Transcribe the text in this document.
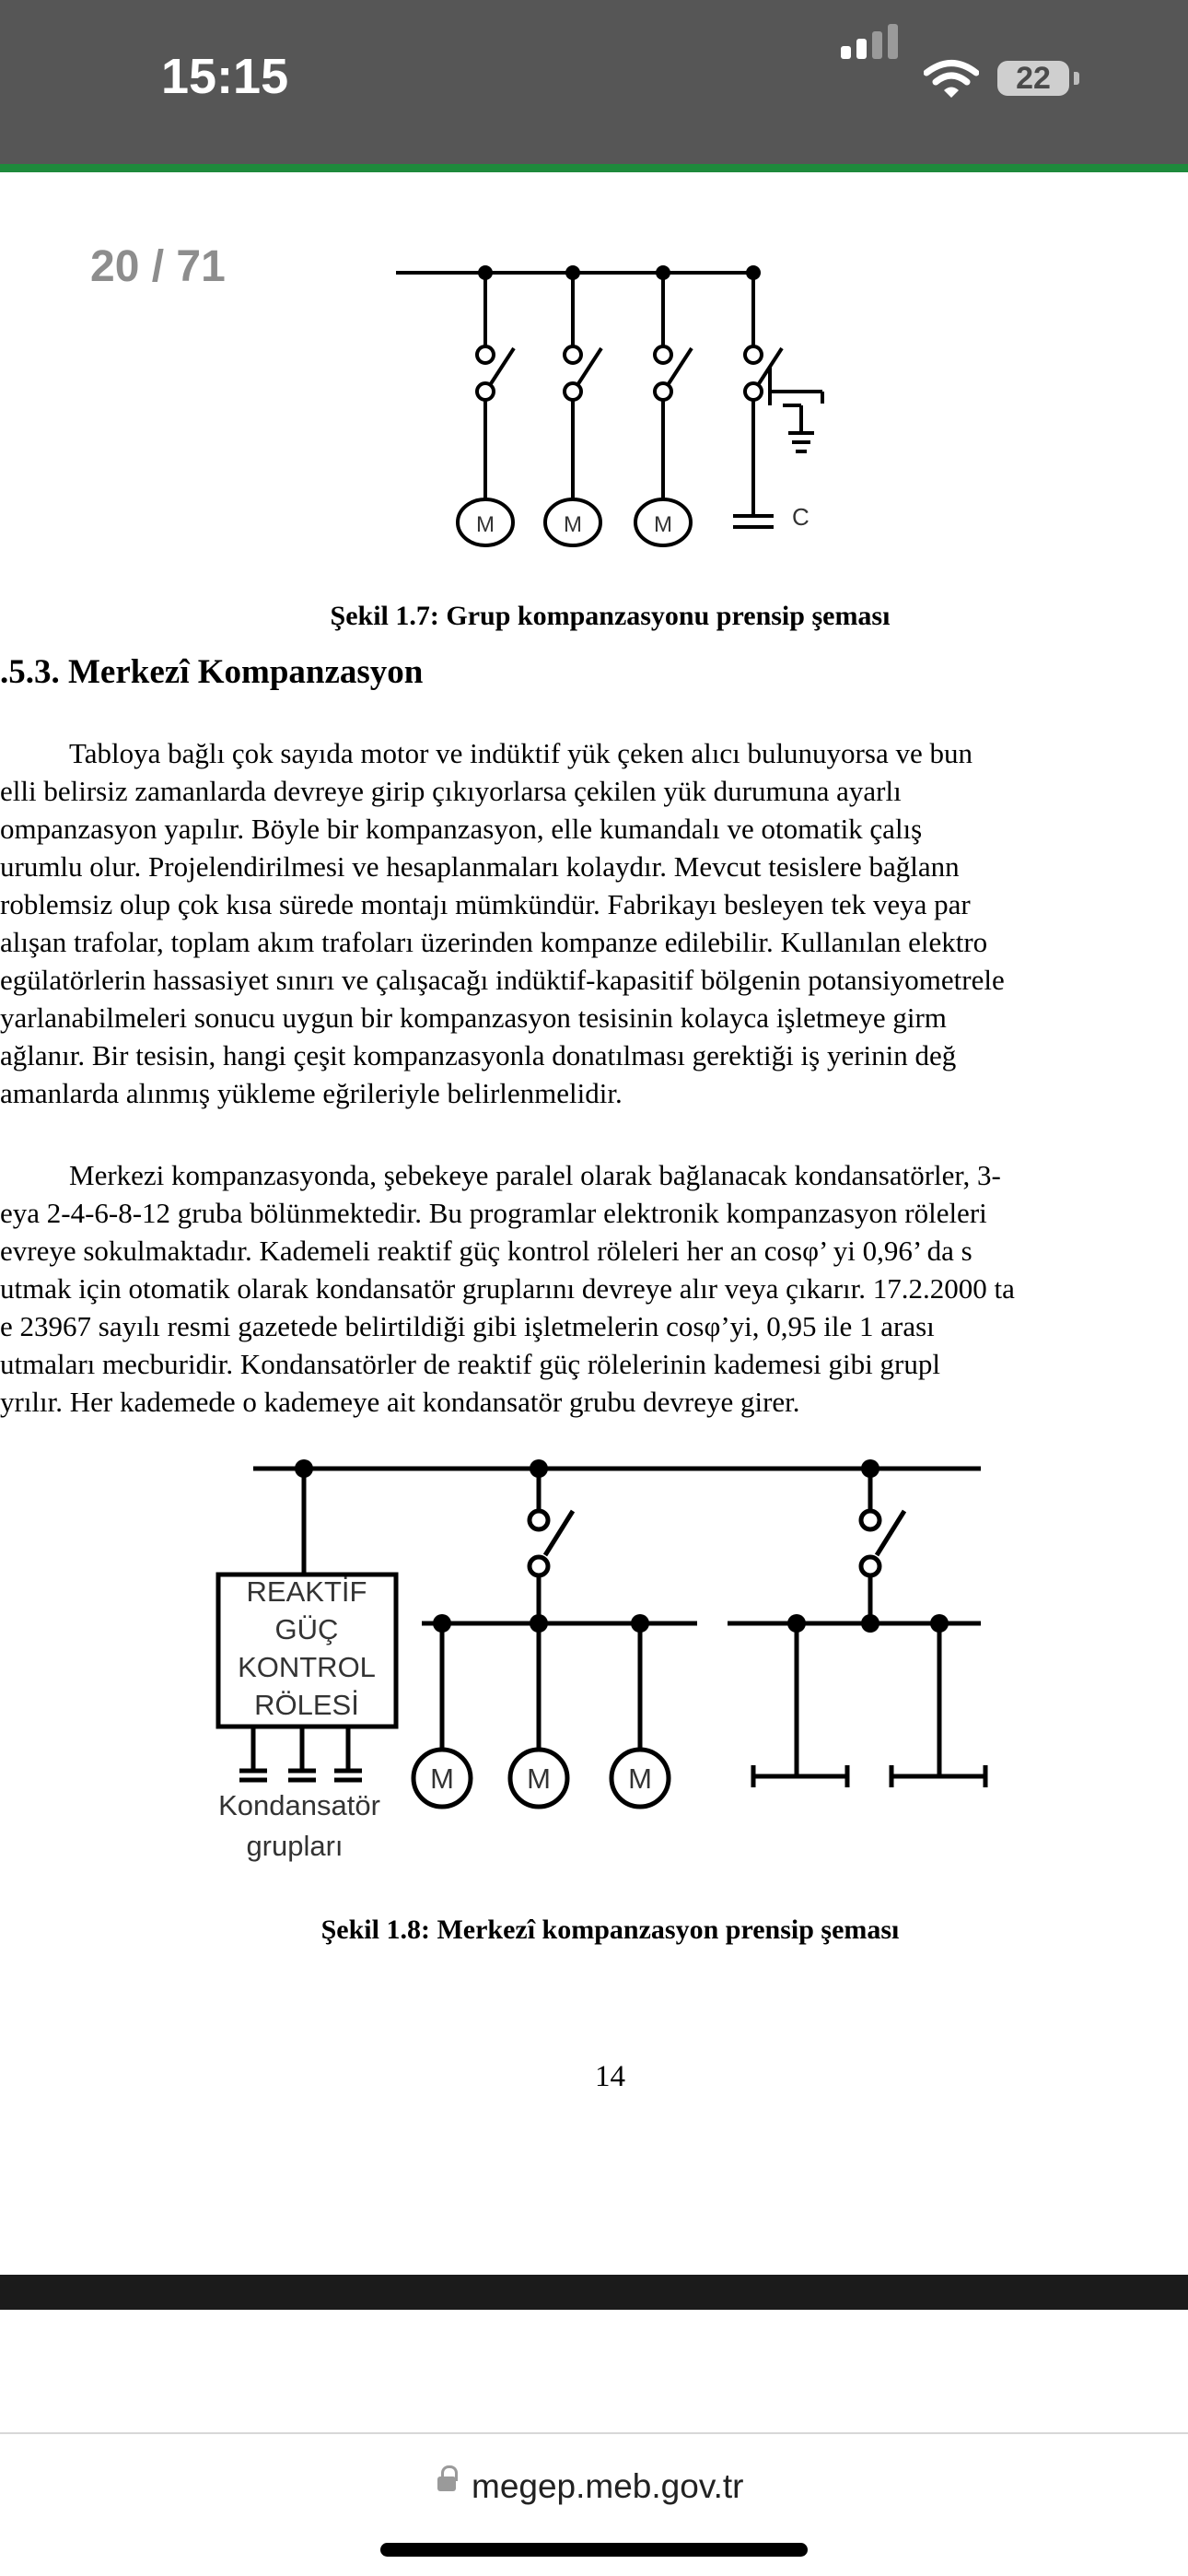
15:15	22
20 / 71
M	M	M	C
Şekil 1.7: Grup kompanzasyonu prensip şeması
.5.3. Merkezî Kompanzasyon
Tabloya bağlı çok sayıda motor ve indüktif yük çeken alıcı bulunuyorsa ve bun
elli belirsiz zamanlarda devreye girip çıkıyorlarsa çekilen yük durumuna ayarlı
ompanzasyon yapılır. Böyle bir kompanzasyon, elle kumandalı ve otomatik çalış
urumlu olur. Projelendirilmesi ve hesaplanmaları kolaydır. Mevcut tesislere bağlann
roblemsiz olup çok kısa sürede montajı mümkündür. Fabrikayı besleyen tek veya par
alışan trafolar, toplam akım trafoları üzerinden kompanze edilebilir. Kullanılan elektro
egülatörlerin hassasiyet sınırı ve çalışacağı indüktif-kapasitif bölgenin potansiyometrele
yarlanabilmeleri sonucu uygun bir kompanzasyon tesisinin kolayca işletmeye girm
ağlanır. Bir tesisin, hangi çeşit kompanzasyonla donatılması gerektiği iş yerinin değ
amanlarda alınmış yükleme eğrileriyle belirlenmelidir.
Merkezi kompanzasyonda, şebekeye paralel olarak bağlanacak kondansatörler, 3-
eya 2-4-6-8-12 gruba bölünmektedir. Bu programlar elektronik kompanzasyon röleleri
evreye sokulmaktadır. Kademeli reaktif güç kontrol röleleri her an cosφ’ yi 0,96’ da s
utmak için otomatik olarak kondansatör gruplarını devreye alır veya çıkarır. 17.2.2000 ta
e 23967 sayılı resmi gazetede belirtildiği gibi işletmelerin cosφ’yi, 0,95 ile 1 arası
utmaları mecburidir. Kondansatörler de reaktif güç rölelerinin kademesi gibi grupl
yrılır. Her kademede o kademeye ait kondansatör grubu devreye girer.
REAKTİF
GÜÇ
KONTROL
RÖLESİ
Kondansatör
grupları
M	M	M
Şekil 1.8: Merkezî kompanzasyon prensip şeması
14
megep.meb.gov.tr
